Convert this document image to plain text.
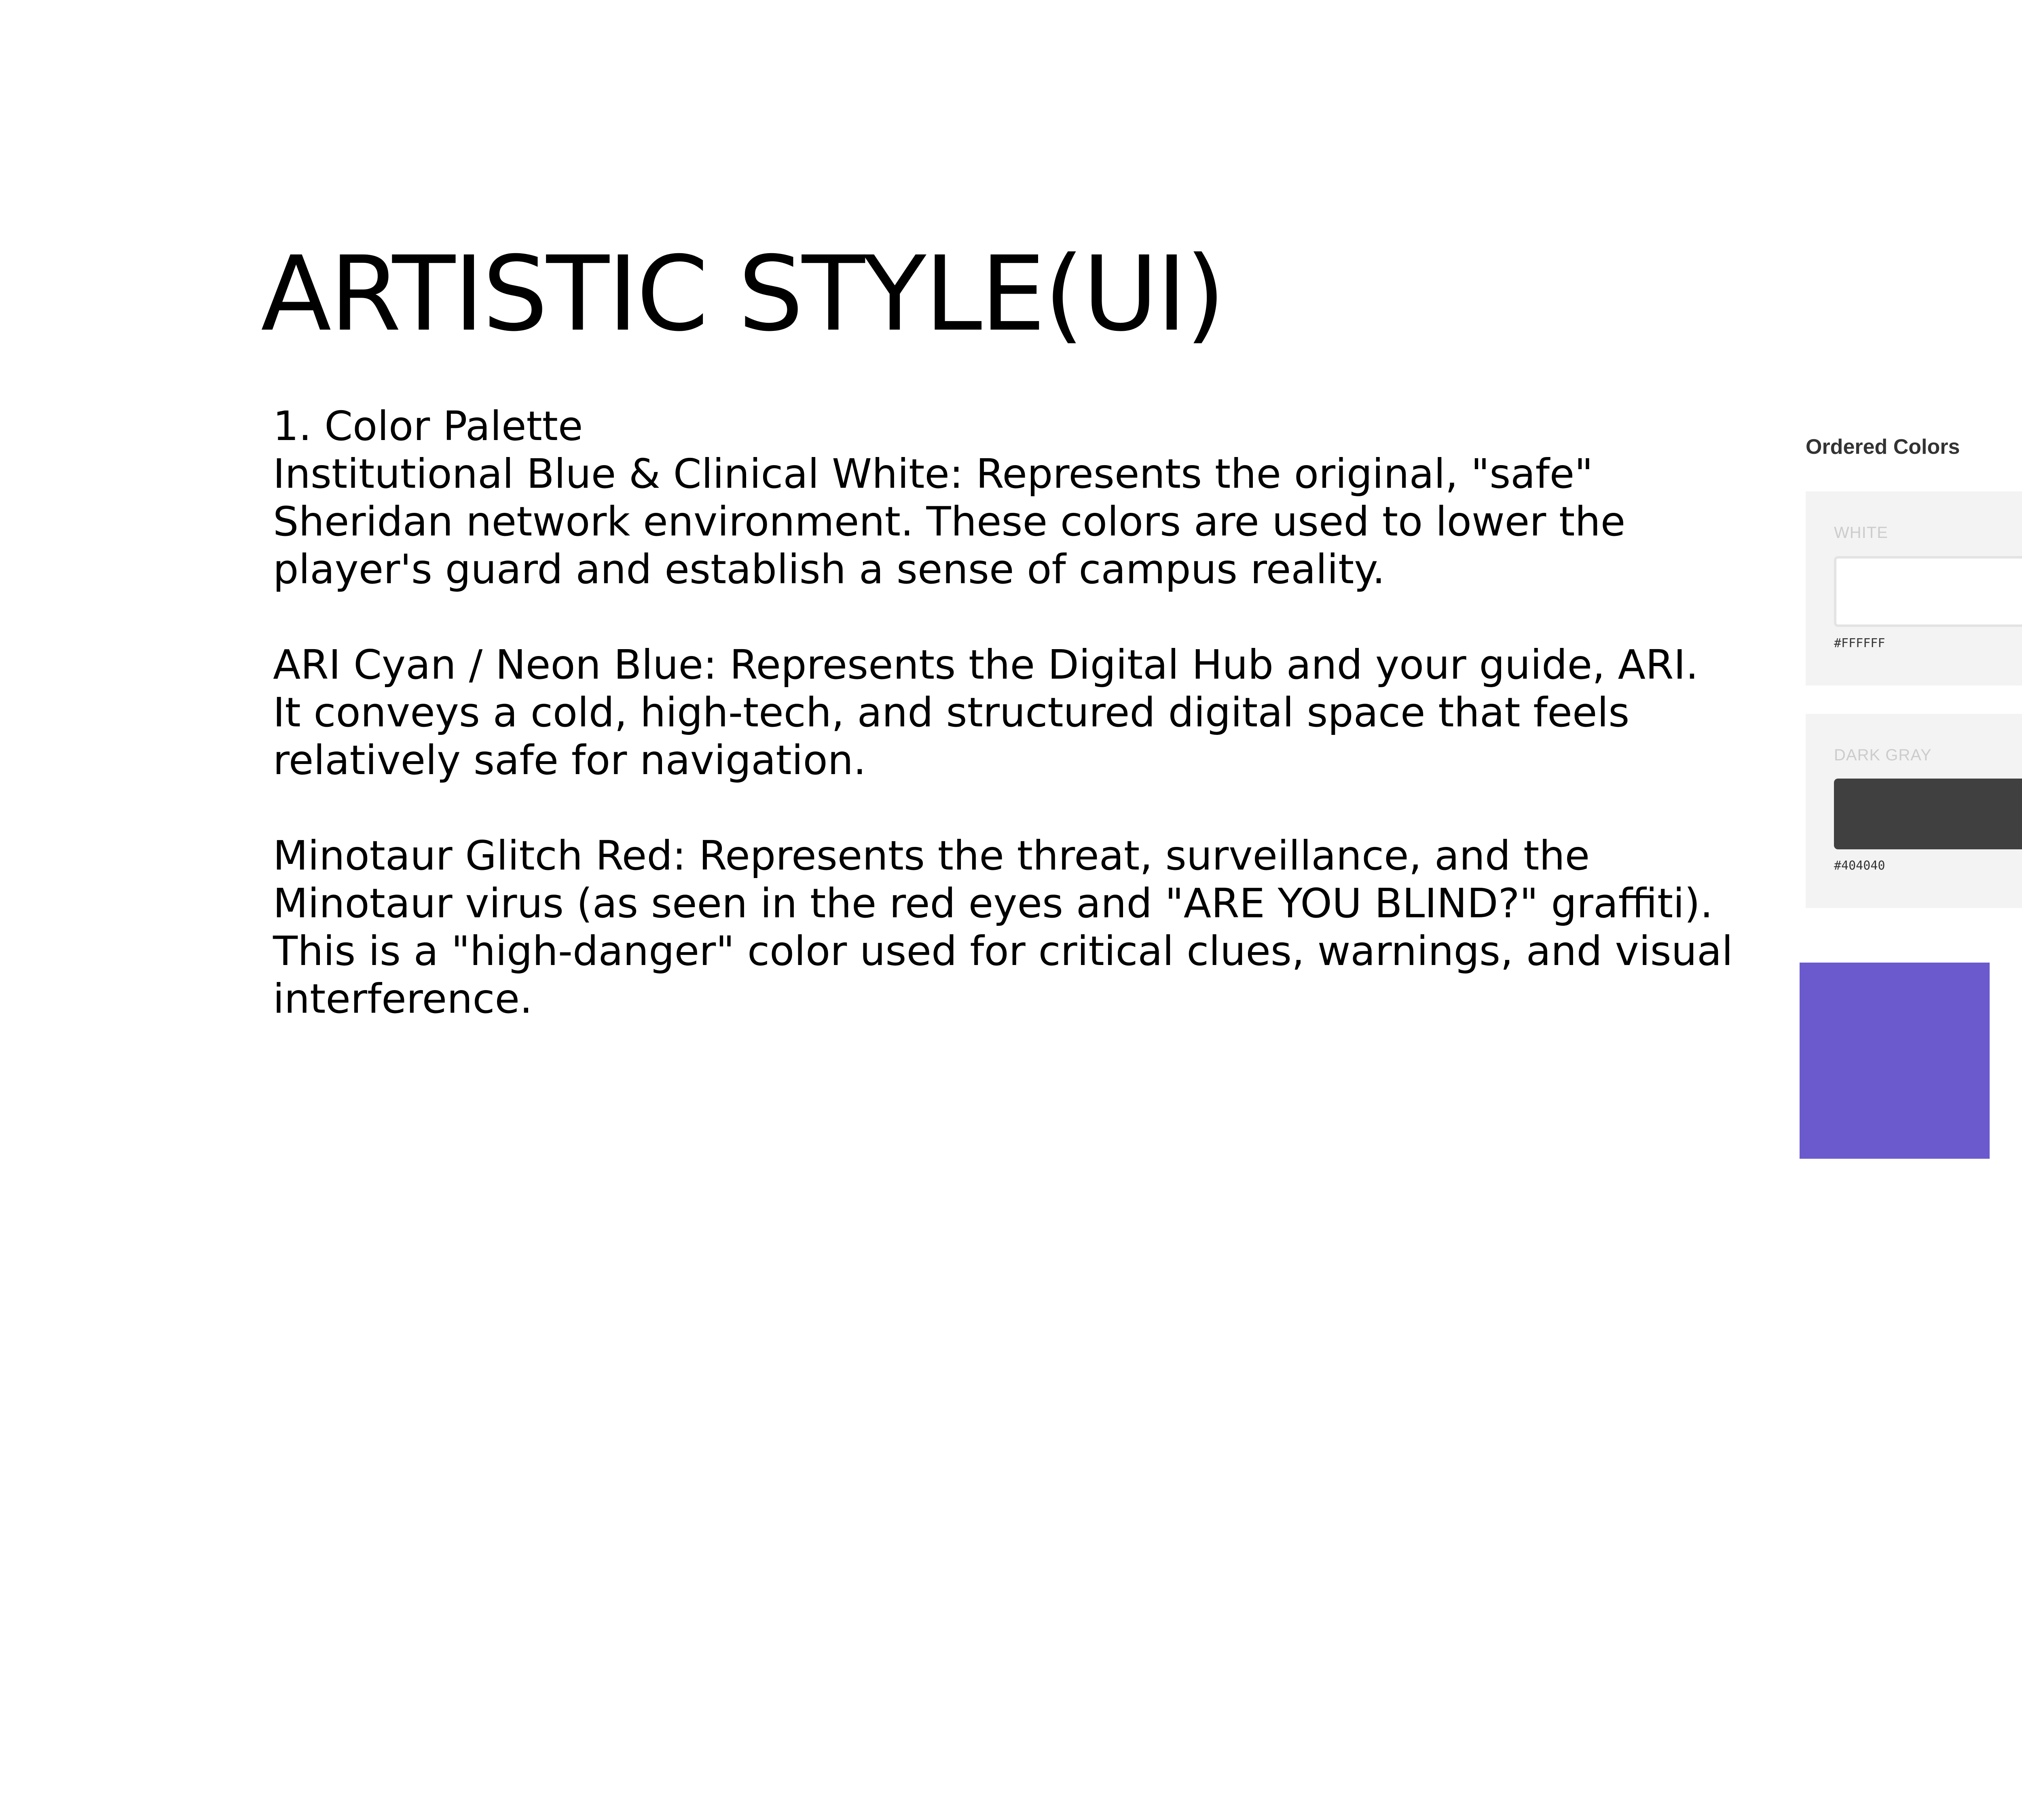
ARTISTIC STYLE(UI)
1. Color Palette
Institutional Blue & Clinical White: Represents the original, "safe"
Sheridan network environment. These colors are used to lower the
player's guard and establish a sense of campus reality.
ARI Cyan / Neon Blue: Represents the Digital Hub and your guide, ARI.
It conveys a cold, high-tech, and structured digital space that feels
relatively safe for navigation.
Minotaur Glitch Red: Represents the threat, surveillance, and the
Minotaur virus (as seen in the red eyes and "ARE YOU BLIND?" graffiti).
This is a "high-danger" color used for critical clues, warnings, and visual
interference.
Ordered Colors
WHITE
#FFFFFF
DARK GRAY
#404040
